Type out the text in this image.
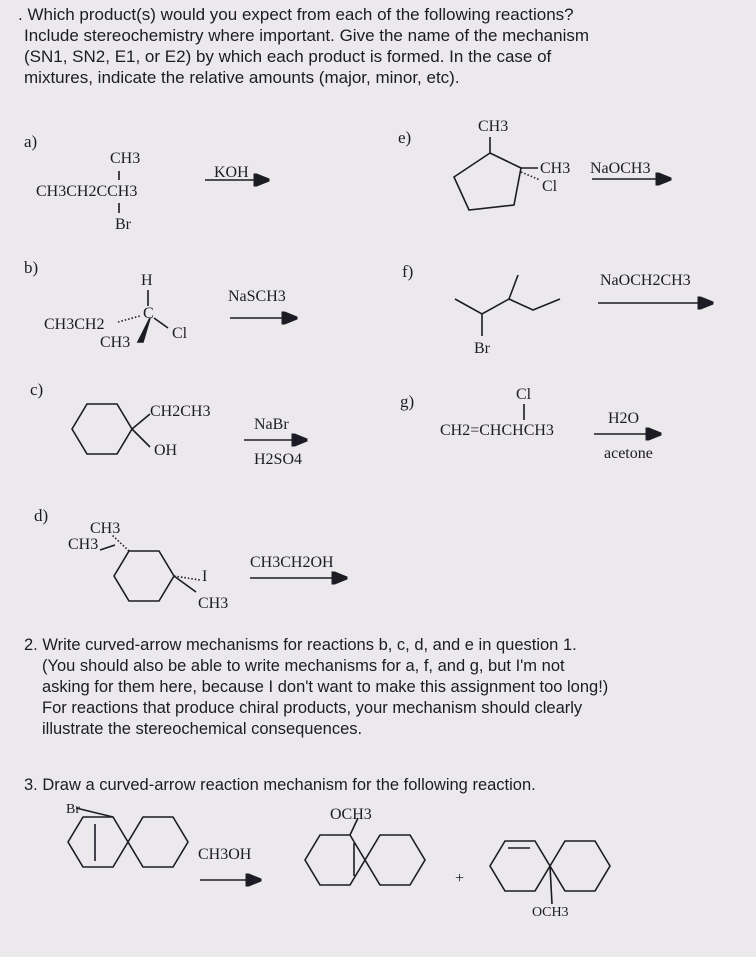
. Which product(s) would you expect from each of the following reactions?
Include stereochemistry where important. Give the name of the mechanism
(SN1, SN2, E1, or E2) by which each product is formed. In the case of
mixtures, indicate the relative amounts (major, minor, etc).
a)
CH3
CH3CH2CCH3
Br
KOH
b)
H
C
CH3CH2
CH3
Cl
NaSCH3
c)
CH2CH3
OH
NaBr
H2SO4
d)
CH3
CH3
I
CH3
CH3CH2OH
e)
CH3
CH3
Cl
NaOCH3
f)
Br
NaOCH2CH3
g)	Cl
CH2=CHCHCH3
H2O
acetone
2. Write curved-arrow mechanisms for reactions b, c, d, and e in question 1.
(You should also be able to write mechanisms for a, f, and g, but I'm not
asking for them here, because I don't want to make this assignment too long!)
For reactions that produce chiral products, your mechanism should clearly
illustrate the stereochemical consequences.
3. Draw a curved-arrow reaction mechanism for the following reaction.
Br
CH3OH
OCH3
+
OCH3
